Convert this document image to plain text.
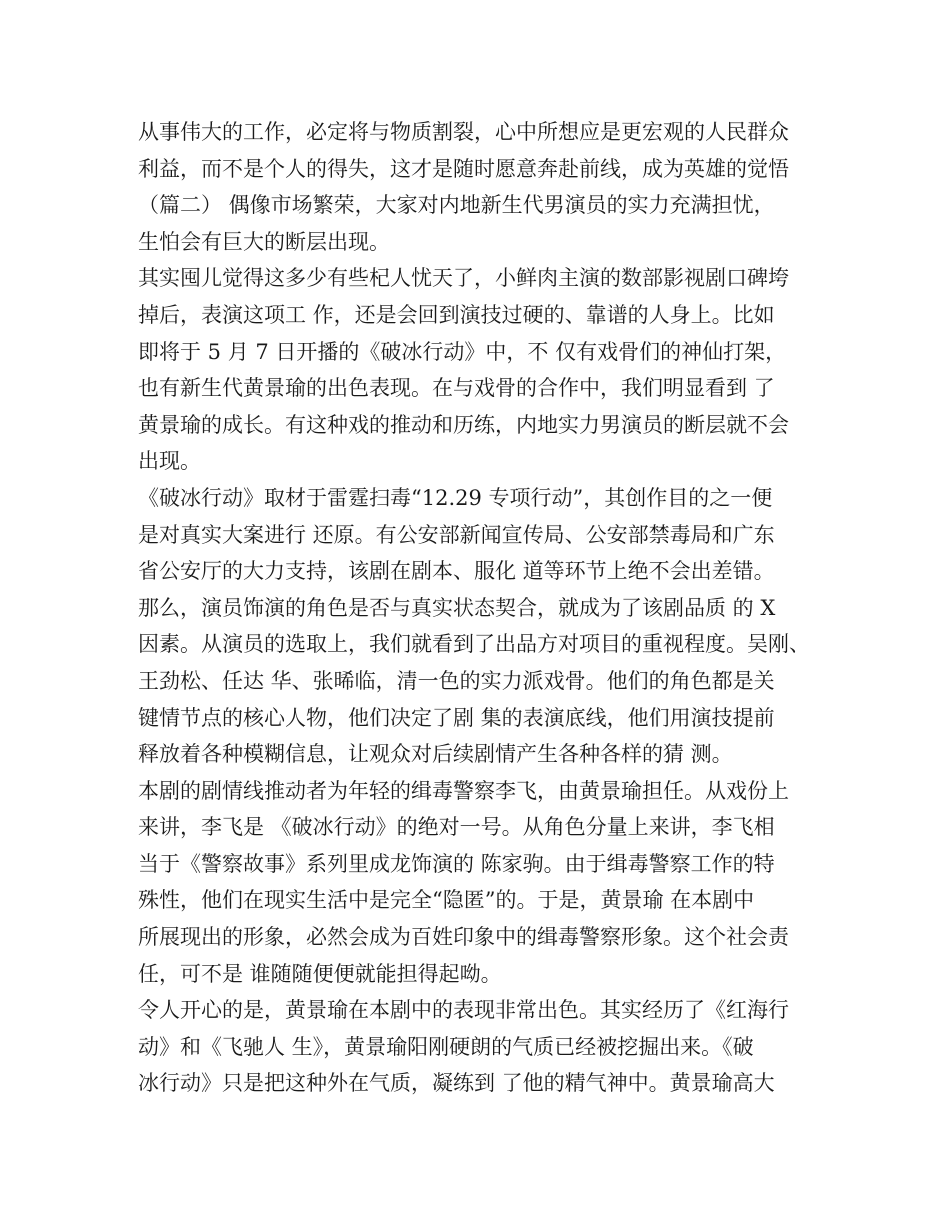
从事伟大的工作，必定将与物质割裂，心中所想应是更宏观的人民群众

利益，而不是个人的得失，这才是随时愿意奔赴前线，成为英雄的觉悟

（篇二） 偶像市场繁荣，大家对内地新生代男演员的实力充满担忧，

生怕会有巨大的断层出现。

其实囤儿觉得这多少有些杞人忧天了，小鲜肉主演的数部影视剧口碑垮

掉后，表演这项工 作，还是会回到演技过硬的、靠谱的人身上。比如

即将于 5 月 7 日开播的《破冰行动》中，不 仅有戏骨们的神仙打架，

也有新生代黄景瑜的出色表现。在与戏骨的合作中，我们明显看到 了

黄景瑜的成长。有这种戏的推动和历练，内地实力男演员的断层就不会

出现。

《破冰行动》取材于雷霆扫毒“12.29 专项行动”，其创作目的之一便

是对真实大案进行 还原。有公安部新闻宣传局、公安部禁毒局和广东

省公安厅的大力支持，该剧在剧本、服化 道等环节上绝不会出差错。

那么，演员饰演的角色是否与真实状态契合，就成为了该剧品质 的 X

因素。从演员的选取上，我们就看到了出品方对项目的重视程度。吴刚、

王劲松、任达 华、张晞临，清一色的实力派戏骨。他们的角色都是关

键情节点的核心人物，他们决定了剧 集的表演底线，他们用演技提前

释放着各种模糊信息，让观众对后续剧情产生各种各样的猜 测。

本剧的剧情线推动者为年轻的缉毒警察李飞，由黄景瑜担任。从戏份上

来讲，李飞是 《破冰行动》的绝对一号。从角色分量上来讲，李飞相

当于《警察故事》系列里成龙饰演的 陈家驹。由于缉毒警察工作的特

殊性，他们在现实生活中是完全“隐匿”的。于是，黄景瑜 在本剧中

所展现出的形象，必然会成为百姓印象中的缉毒警察形象。这个社会责

任，可不是 谁随随便便就能担得起呦。

令人开心的是，黄景瑜在本剧中的表现非常出色。其实经历了《红海行

动》和《飞驰人 生》，黄景瑜阳刚硬朗的气质已经被挖掘出来。《破

冰行动》只是把这种外在气质，凝练到 了他的精气神中。黄景瑜高大
